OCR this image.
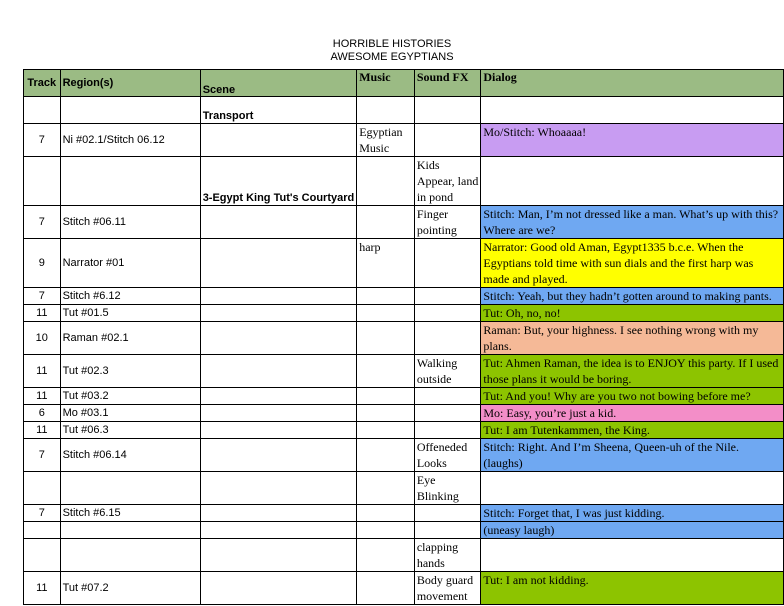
HORRIBLE HISTORIES
AWESOME EGYPTIANS
Track	Region(s)	Scene	Music	Sound FX	Dialog
		Transport			
7	Ni #02.1/Stitch 06.12		Egyptian Music		Mo/Stitch: Whoaaaa!
		3-Egypt King Tut's Courtyard		Kids Appear, land in pond	
7	Stitch #06.11			Finger pointing	Stitch: Man, I’m not dressed like a man. What’s up with this? Where are we?
9	Narrator #01		harp		Narrator: Good old Aman, Egypt1335 b.c.e. When the Egyptians told time with sun dials and the first harp was made and played.
7	Stitch #6.12				Stitch: Yeah, but they hadn’t gotten around to making pants.
11	Tut #01.5				Tut: Oh, no, no!
10	Raman #02.1				Raman: But, your highness. I see nothing wrong with my plans.
11	Tut #02.3			Walking outside	Tut: Ahmen Raman, the idea is to ENJOY this party. If I used those plans it would be boring.
11	Tut #03.2				Tut: And you! Why are you two not bowing before me?
6	Mo #03.1				Mo: Easy, you’re just a kid.
11	Tut #06.3				Tut: I am Tutenkammen, the King.
7	Stitch #06.14			Offeneded Looks	Stitch: Right. And I’m Sheena, Queen-uh of the Nile. (laughs)
				Eye Blinking	
7	Stitch #6.15				Stitch: Forget that, I was just kidding.
					(uneasy laugh)
				clapping hands	
11	Tut #07.2			Body guard movement	Tut: I am not kidding.
